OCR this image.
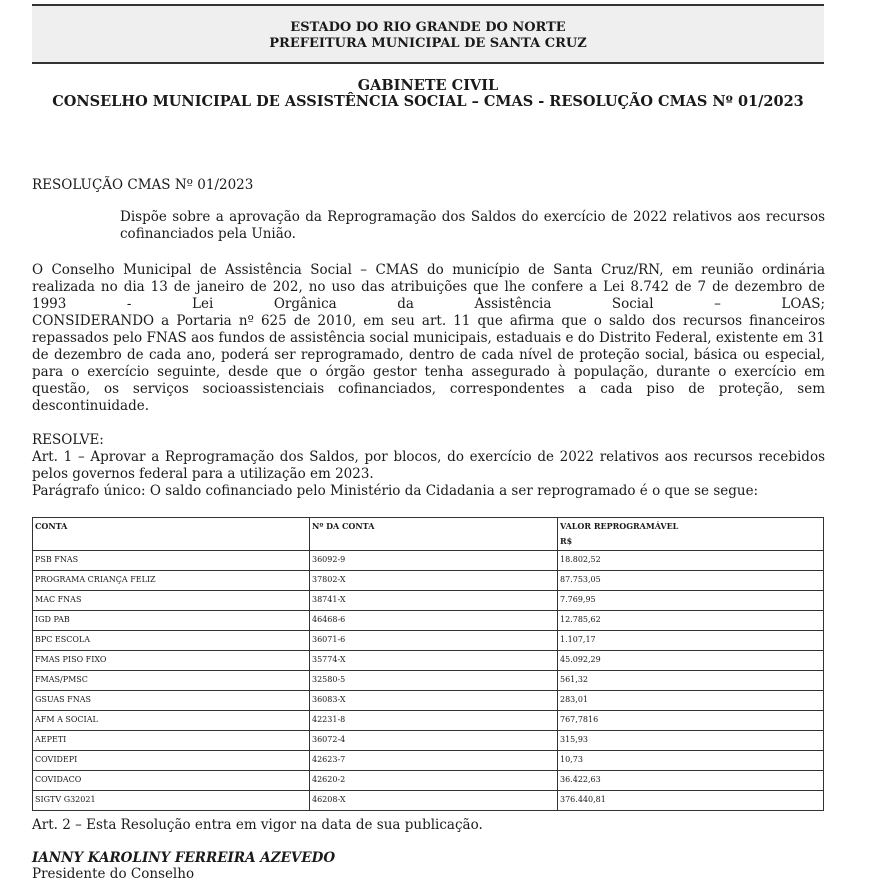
ESTADO DO RIO GRANDE DO NORTE
PREFEITURA MUNICIPAL DE SANTA CRUZ
GABINETE CIVIL
CONSELHO MUNICIPAL DE ASSISTÊNCIA SOCIAL – CMAS - RESOLUÇÃO CMAS Nº 01/2023
RESOLUÇÃO CMAS Nº 01/2023
Dispõe sobre a aprovação da Reprogramação dos Saldos do exercício de 2022 relativos aos recursos cofinanciados pela União.

O Conselho Municipal de Assistência Social – CMAS do município de Santa Cruz/RN, em reunião ordinária realizada no dia 13 de janeiro de 202, no uso das atribuições que lhe confere a Lei 8.742 de 7 de dezembro de 1993 - Lei Orgânica da Assistência Social – LOAS;

CONSIDERANDO a Portaria nº 625 de 2010, em seu art. 11 que afirma que o saldo dos recursos financeiros repassados pelo FNAS aos fundos de assistência social municipais, estaduais e do Distrito Federal, existente em 31 de dezembro de cada ano, poderá ser reprogramado, dentro de cada nível de proteção social, básica ou especial, para o exercício seguinte, desde que o órgão gestor tenha assegurado à população, durante o exercício em questão, os serviços socioassistenciais cofinanciados, correspondentes a cada piso de proteção, sem descontinuidade.

RESOLVE:

Art. 1 – Aprovar a Reprogramação dos Saldos, por blocos, do exercício de 2022 relativos aos recursos recebidos pelos governos federal para a utilização em 2023.

Parágrafo único: O saldo cofinanciado pelo Ministério da Cidadania a ser reprogramado é o que se segue:

CONTA	Nº DA CONTA	VALOR REPROGRAMÁVEL
R$

PSB FNAS	36092-9	18.802,52
PROGRAMA CRIANÇA FELIZ	37802-X	87.753,05
MAC FNAS	38741-X	7.769,95
IGD PAB	46468-6	12.785,62
BPC ESCOLA	36071-6	1.107,17
FMAS PISO FIXO	35774-X	45.092,29
FMAS/PMSC	32580-5	561,32
GSUAS FNAS	36083-X	283,01
AFM A SOCIAL	42231-8	767,7816
AEPETI	36072-4	315,93
COVIDEPI	42623-7	10,73
COVIDACO	42620-2	36.422,63
SIGTV G32021	46208-X	376.440,81
Art. 2 – Esta Resolução entra em vigor na data de sua publicação.
IANNY KAROLINY FERREIRA AZEVEDO
Presidente do Conselho
